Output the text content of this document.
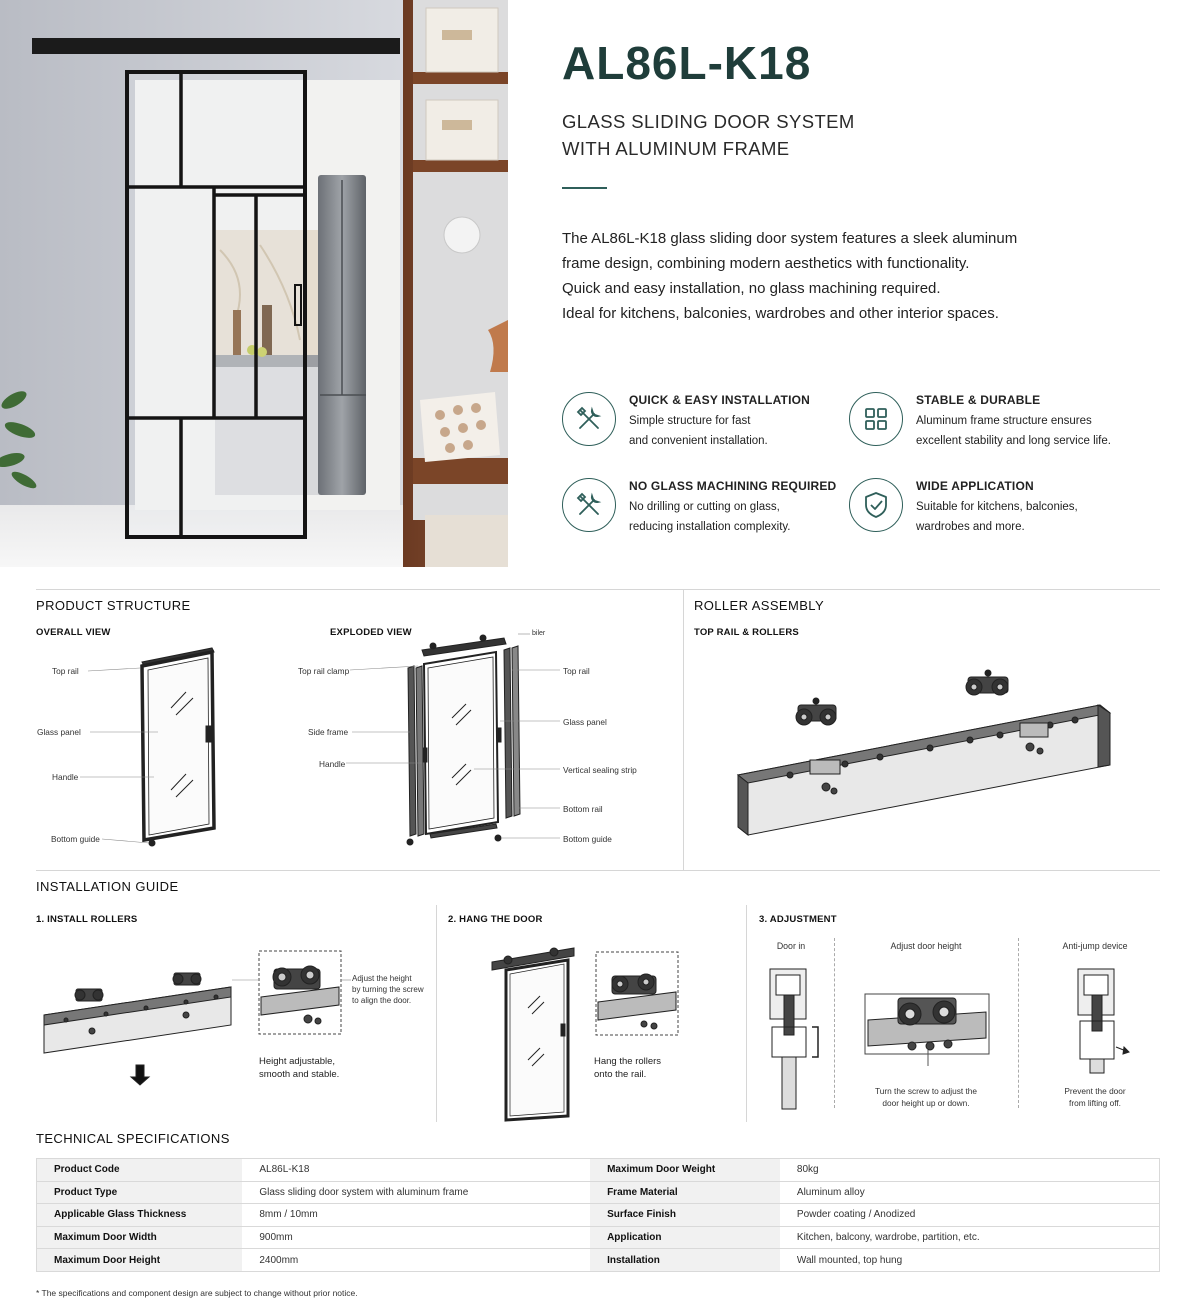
AL86L-K18
GLASS SLIDING DOOR SYSTEM
WITH ALUMINUM FRAME

The AL86L-K18 glass sliding door system features a sleek aluminum

frame design, combining modern aesthetics with functionality.

Quick and easy installation, no glass machining required.

Ideal for kitchens, balconies, wardrobes and other interior spaces.

QUICK & EASY INSTALLATION
Simple structure for fast
and convenient installation.
STABLE & DURABLE
Aluminum frame structure ensures
excellent stability and long service life.
NO GLASS MACHINING REQUIRED
No drilling or cutting on glass,
reducing installation complexity.
WIDE APPLICATION
Suitable for kitchens, balconies,
wardrobes and more.
PRODUCT STRUCTURE
OVERALL VIEW	EXPLODED VIEW
Top rail
Glass panel
Handle
Bottom guide
biler
Top rail clamp
Side frame
Handle
Top rail
Glass panel
Vertical sealing strip
Bottom rail
Bottom guide
ROLLER ASSEMBLY
TOP RAIL & ROLLERS
INSTALLATION GUIDE
1. INSTALL ROLLERS
Adjust the height
by turning the screw
to align the door.
Height adjustable,
smooth and stable.
2. HANG THE DOOR
Hang the rollers
onto the rail.
3. ADJUSTMENT
Door in	Adjust door height	Anti-jump device
Turn the screw to adjust the
door height up or down.
Prevent the door
from lifting off.
TECHNICAL SPECIFICATIONS
Product Code	AL86L-K18	Maximum Door Weight	80kg
Product Type	Glass sliding door system with aluminum frame	Frame Material	Aluminum alloy
Applicable Glass Thickness	8mm / 10mm	Surface Finish	Powder coating / Anodized
Maximum Door Width	900mm	Application	Kitchen, balcony, wardrobe, partition, etc.
Maximum Door Height	2400mm	Installation	Wall mounted, top hung
* The specifications and component design are subject to change without prior notice.
